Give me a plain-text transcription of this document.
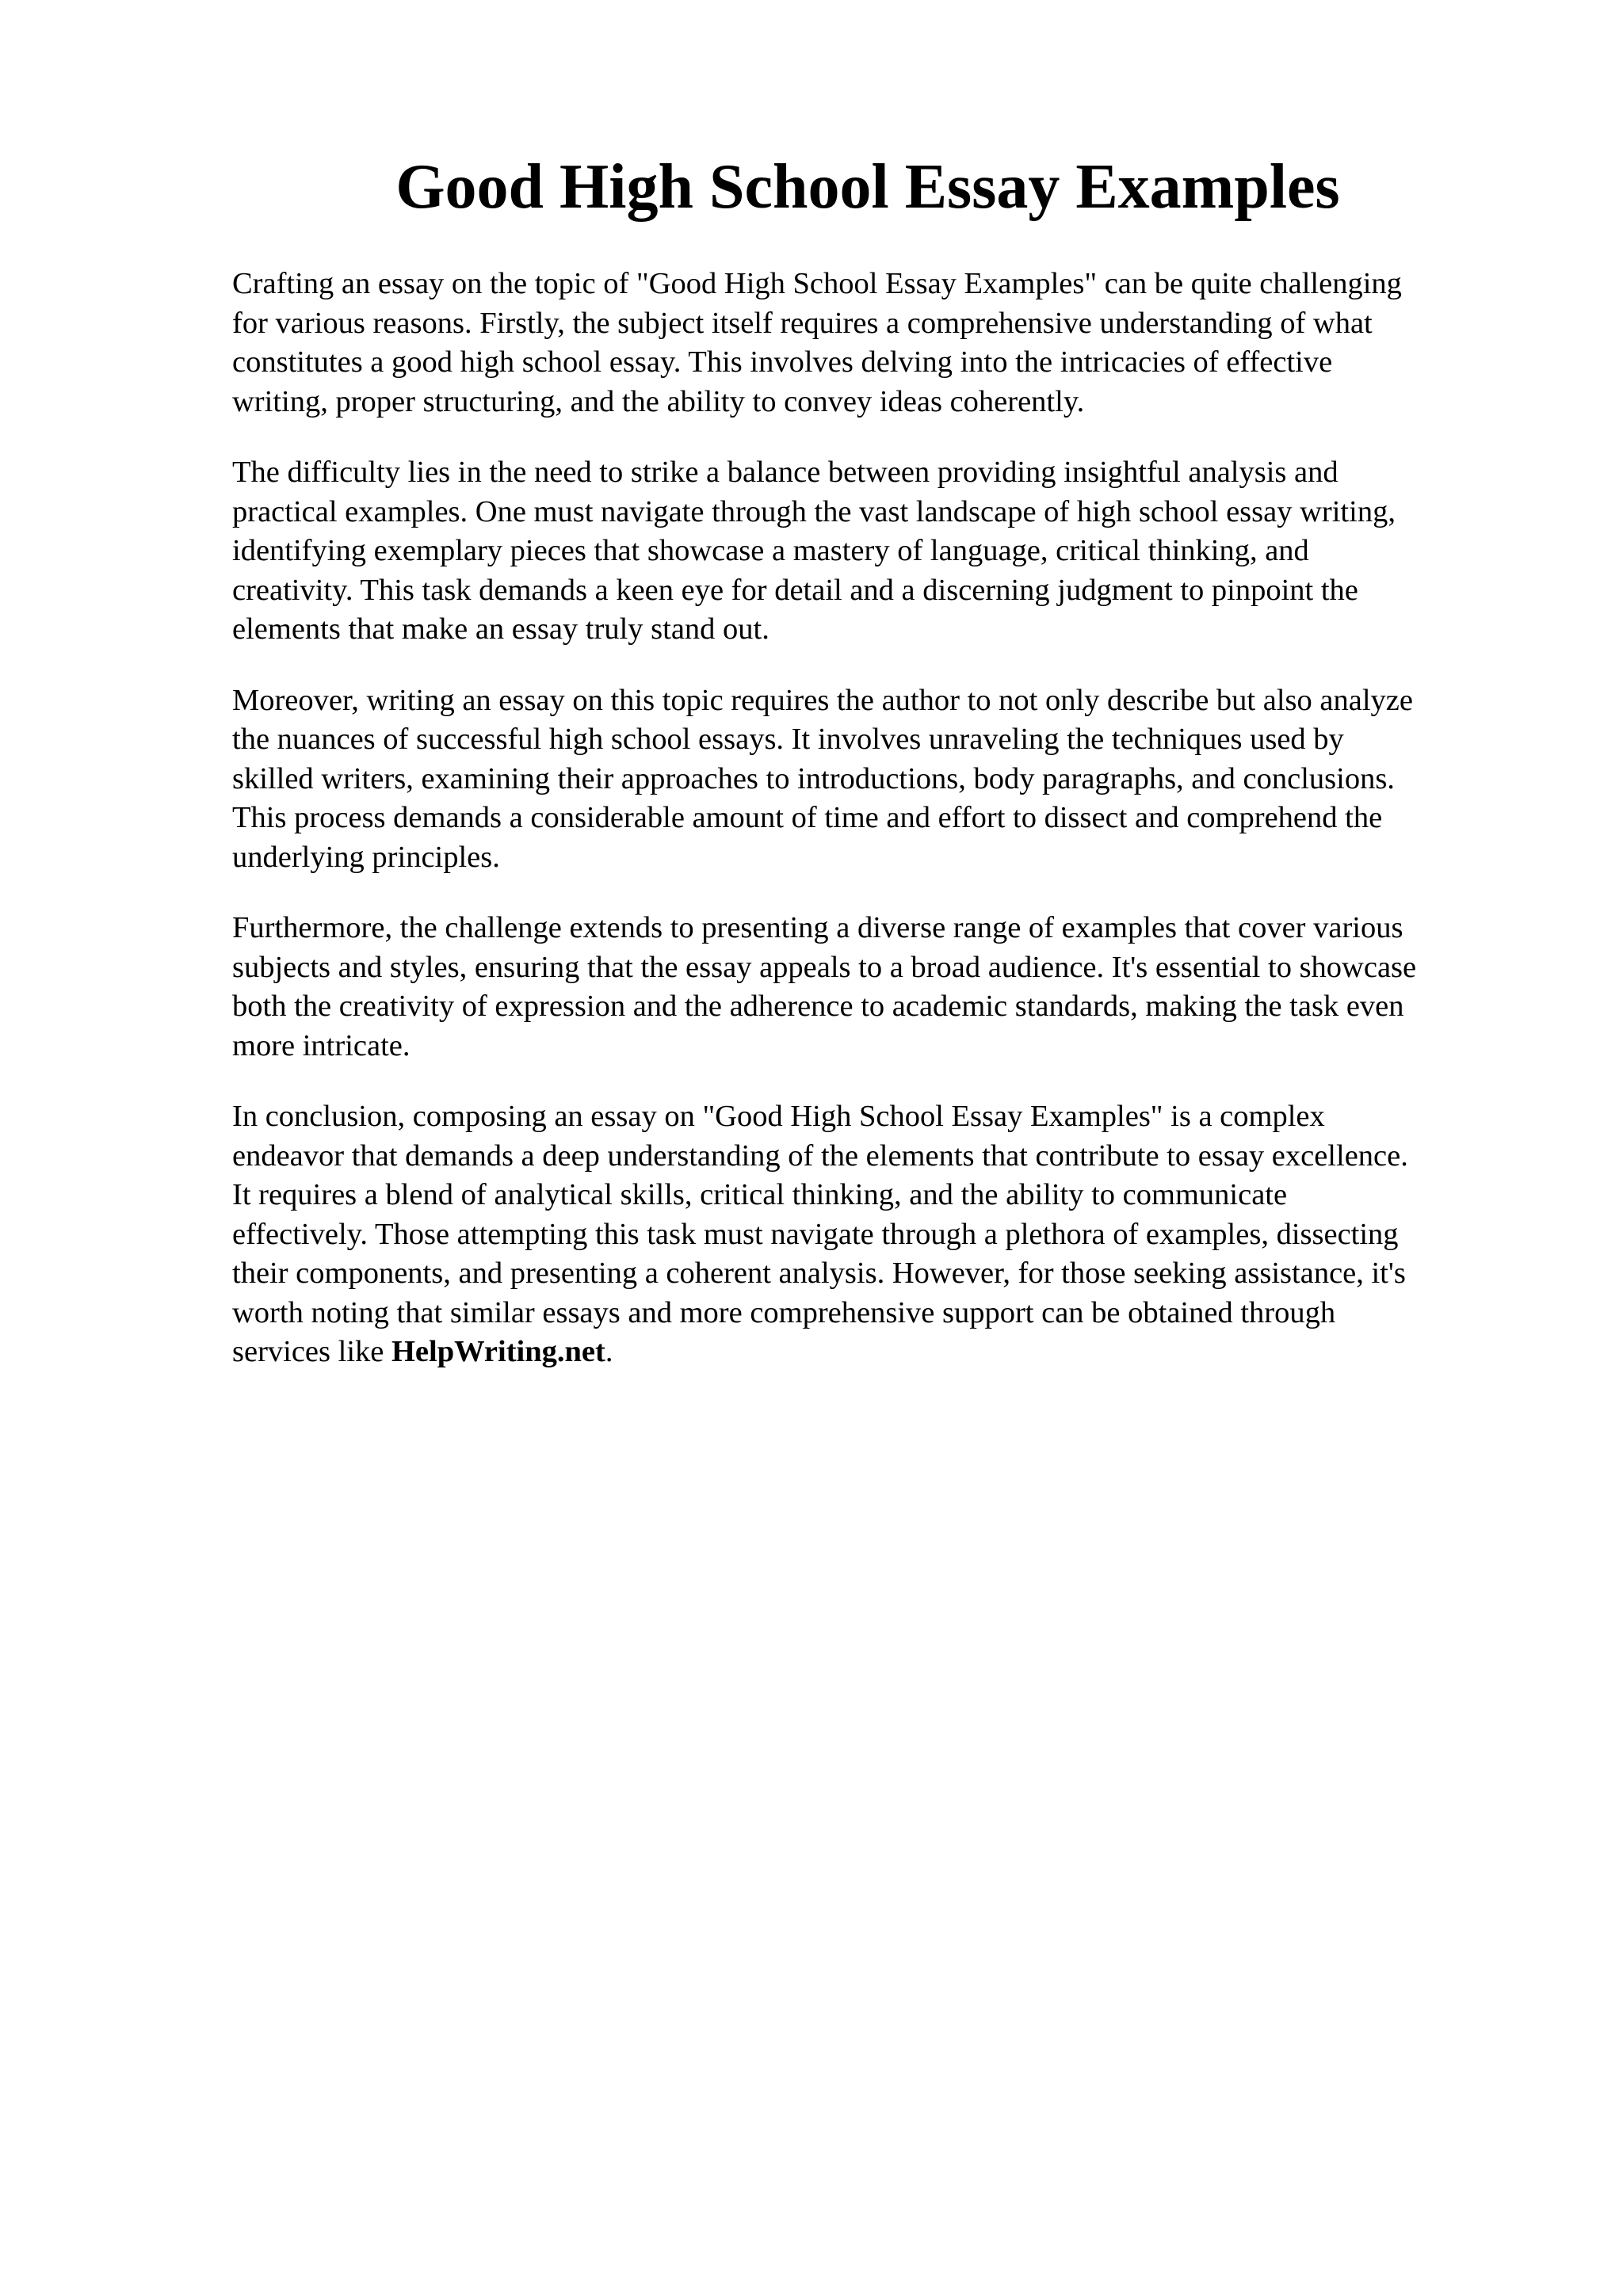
Good High School Essay Examples

Crafting an essay on the topic of "Good High School Essay Examples" can be quite challenging
for various reasons. Firstly, the subject itself requires a comprehensive understanding of what
constitutes a good high school essay. This involves delving into the intricacies of effective
writing, proper structuring, and the ability to convey ideas coherently.

The difficulty lies in the need to strike a balance between providing insightful analysis and
practical examples. One must navigate through the vast landscape of high school essay writing,
identifying exemplary pieces that showcase a mastery of language, critical thinking, and
creativity. This task demands a keen eye for detail and a discerning judgment to pinpoint the
elements that make an essay truly stand out.

Moreover, writing an essay on this topic requires the author to not only describe but also analyze
the nuances of successful high school essays. It involves unraveling the techniques used by
skilled writers, examining their approaches to introductions, body paragraphs, and conclusions.
This process demands a considerable amount of time and effort to dissect and comprehend the
underlying principles.

Furthermore, the challenge extends to presenting a diverse range of examples that cover various
subjects and styles, ensuring that the essay appeals to a broad audience. It's essential to showcase
both the creativity of expression and the adherence to academic standards, making the task even
more intricate.

In conclusion, composing an essay on "Good High School Essay Examples" is a complex
endeavor that demands a deep understanding of the elements that contribute to essay excellence.
It requires a blend of analytical skills, critical thinking, and the ability to communicate
effectively. Those attempting this task must navigate through a plethora of examples, dissecting
their components, and presenting a coherent analysis. However, for those seeking assistance, it's
worth noting that similar essays and more comprehensive support can be obtained through
services like HelpWriting.net.
